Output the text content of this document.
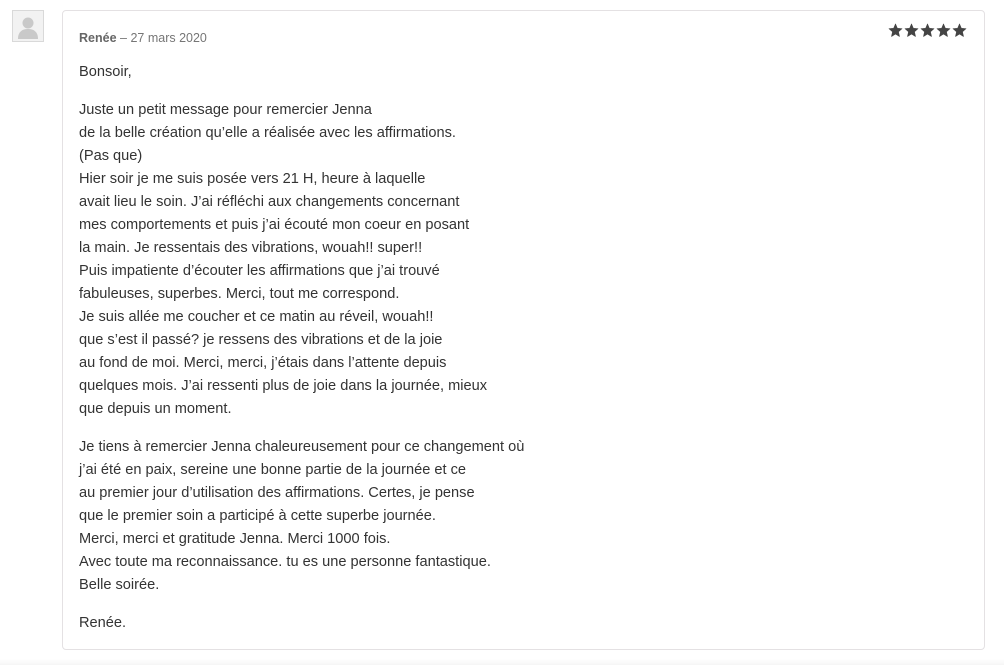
Renée – 27 mars 2020

Bonsoir,

Juste un petit message pour remercier Jenna
de la belle création qu’elle a réalisée avec les affirmations.
(Pas que)
Hier soir je me suis posée vers 21 H, heure à laquelle
avait lieu le soin. J’ai réfléchi aux changements concernant
mes comportements et puis j’ai écouté mon coeur en posant
la main. Je ressentais des vibrations, wouah!! super!!
Puis impatiente d’écouter les affirmations que j’ai trouvé
fabuleuses, superbes. Merci, tout me correspond.
Je suis allée me coucher et ce matin au réveil, wouah!!
que s’est il passé? je ressens des vibrations et de la joie
au fond de moi. Merci, merci, j’étais dans l’attente depuis
quelques mois. J’ai ressenti plus de joie dans la journée, mieux
que depuis un moment.

Je tiens à remercier Jenna chaleureusement pour ce changement où
j’ai été en paix, sereine une bonne partie de la journée et ce
au premier jour d’utilisation des affirmations. Certes, je pense
que le premier soin a participé à cette superbe journée.
Merci, merci et gratitude Jenna. Merci 1000 fois.
Avec toute ma reconnaissance. tu es une personne fantastique.
Belle soirée.

Renée.
